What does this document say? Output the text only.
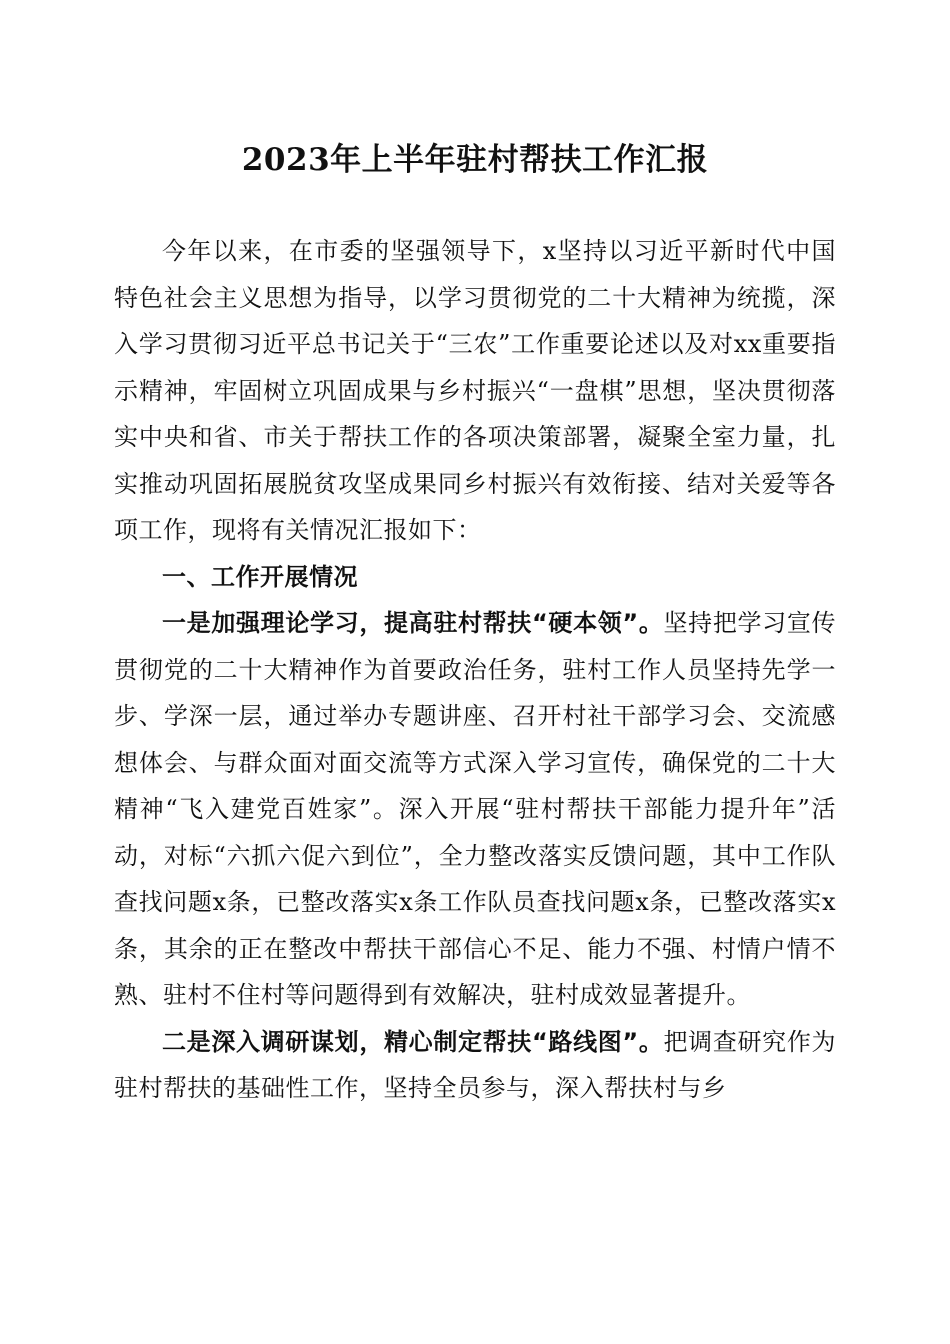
2023年上半年驻村帮扶工作汇报

今年以来，在市委的坚强领导下，x坚持以习近平新时代中国特色社会主义思想为指导，以学习贯彻党的二十大精神为统揽，深入学习贯彻习近平总书记关于“三农”工作重要论述以及对xx重要指示精神，牢固树立巩固成果与乡村振兴“一盘棋”思想，坚决贯彻落实中央和省、市关于帮扶工作的各项决策部署，凝聚全室力量，扎实推动巩固拓展脱贫攻坚成果同乡村振兴有效衔接、结对关爱等各项工作，现将有关情况汇报如下：

一、工作开展情况

一是加强理论学习，提高驻村帮扶“硬本领”。坚持把学习宣传贯彻党的二十大精神作为首要政治任务，驻村工作人员坚持先学一步、学深一层，通过举办专题讲座、召开村社干部学习会、交流感想体会、与群众面对面交流等方式深入学习宣传，确保党的二十大精神“飞入建党百姓家”。深入开展“驻村帮扶干部能力提升年”活动，对标“六抓六促六到位”，全力整改落实反馈问题，其中工作队查找问题x条，已整改落实x条工作队员查找问题x条，已整改落实x条，其余的正在整改中帮扶干部信心不足、能力不强、村情户情不熟、驻村不住村等问题得到有效解决，驻村成效显著提升。

二是深入调研谋划，精心制定帮扶“路线图”。把调查研究作为驻村帮扶的基础性工作，坚持全员参与，深入帮扶村与乡
